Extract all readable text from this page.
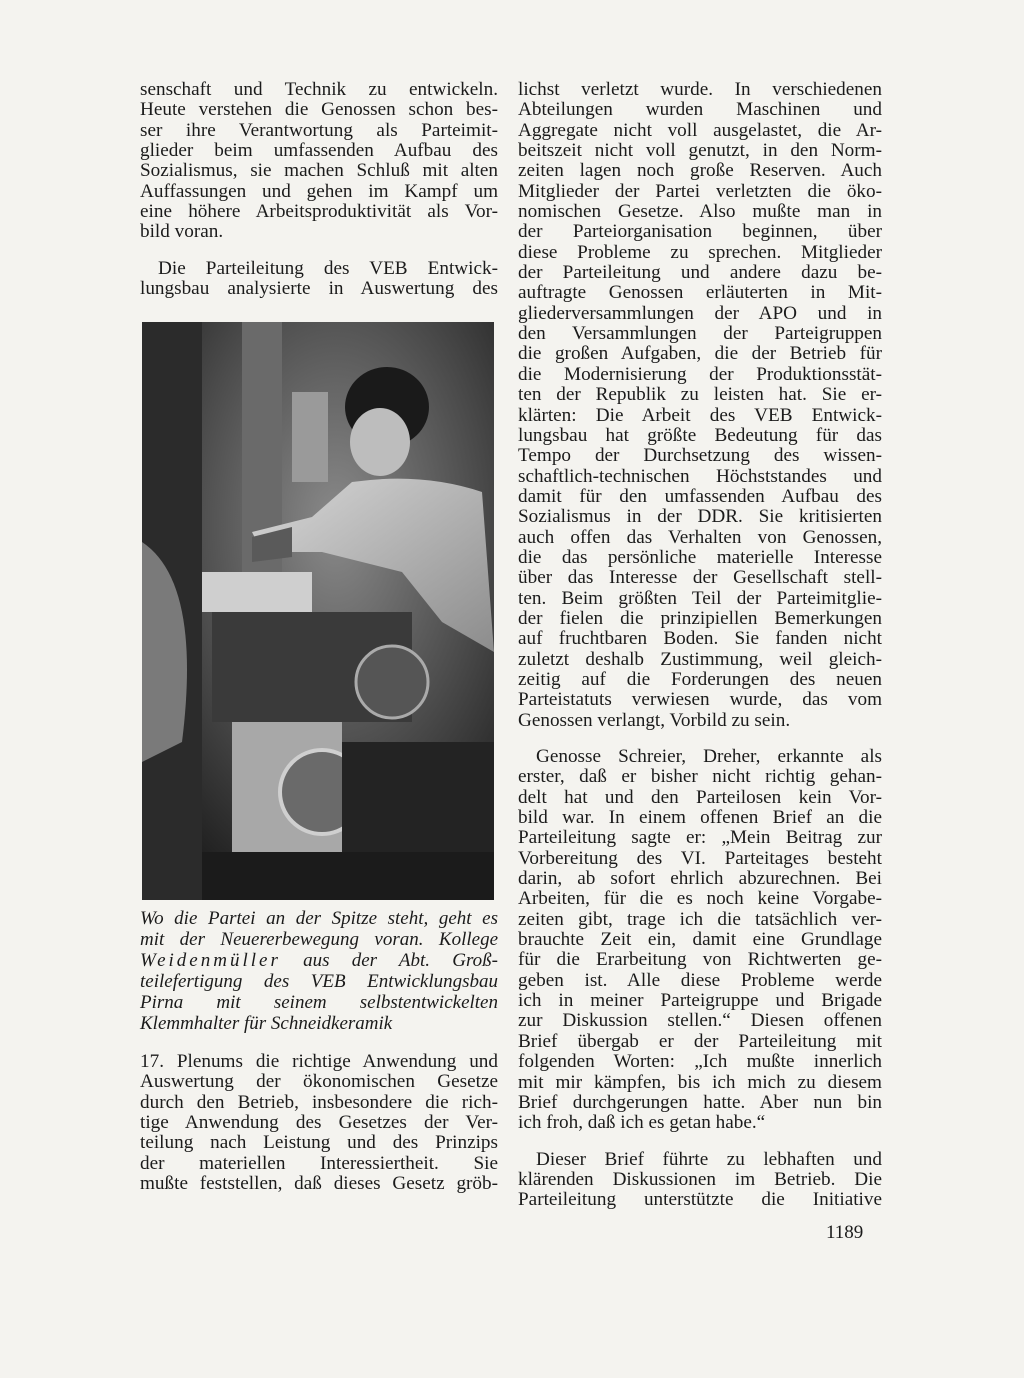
senschaft und Technik zu entwickeln.
Heute verstehen die Genossen schon bes-
ser ihre Verantwortung als Parteimit-
glieder beim umfassenden Aufbau des
Sozialismus, sie machen Schluß mit alten
Auffassungen und gehen im Kampf um
eine höhere Arbeitsproduktivität als Vor-
bild voran.

Die Parteileitung des VEB Entwick-
lungsbau analysierte in Auswertung des

Wo die Partei an der Spitze steht, geht es
mit der Neuererbewegung voran. Kollege
Weidenmüller aus der Abt. Groß-
teilefertigung des VEB Entwicklungsbau
Pirna mit seinem selbstentwickelten
Klemmhalter für Schneidkeramik

17. Plenums die richtige Anwendung und
Auswertung der ökonomischen Gesetze
durch den Betrieb, insbesondere die rich-
tige Anwendung des Gesetzes der Ver-
teilung nach Leistung und des Prinzips
der materiellen Interessiertheit. Sie
mußte feststellen, daß dieses Gesetz gröb-

lichst verletzt wurde. In verschiedenen
Abteilungen wurden Maschinen und
Aggregate nicht voll ausgelastet, die Ar-
beitszeit nicht voll genutzt, in den Norm-
zeiten lagen noch große Reserven. Auch
Mitglieder der Partei verletzten die öko-
nomischen Gesetze. Also mußte man in
der Parteiorganisation beginnen, über
diese Probleme zu sprechen. Mitglieder
der Parteileitung und andere dazu be-
auftragte Genossen erläuterten in Mit-
gliederversammlungen der APO und in
den Versammlungen der Parteigruppen
die großen Aufgaben, die der Betrieb für
die Modernisierung der Produktionsstät-
ten der Republik zu leisten hat. Sie er-
klärten: Die Arbeit des VEB Entwick-
lungsbau hat größte Bedeutung für das
Tempo der Durchsetzung des wissen-
schaftlich-technischen Höchststandes und
damit für den umfassenden Aufbau des
Sozialismus in der DDR. Sie kritisierten
auch offen das Verhalten von Genossen,
die das persönliche materielle Interesse
über das Interesse der Gesellschaft stell-
ten. Beim größten Teil der Parteimitglie-
der fielen die prinzipiellen Bemerkungen
auf fruchtbaren Boden. Sie fanden nicht
zuletzt deshalb Zustimmung, weil gleich-
zeitig auf die Forderungen des neuen
Parteistatuts verwiesen wurde, das vom
Genossen verlangt, Vorbild zu sein.

Genosse Schreier, Dreher, erkannte als
erster, daß er bisher nicht richtig gehan-
delt hat und den Parteilosen kein Vor-
bild war. In einem offenen Brief an die
Parteileitung sagte er: „Mein Beitrag zur
Vorbereitung des VI. Parteitages besteht
darin, ab sofort ehrlich abzurechnen. Bei
Arbeiten, für die es noch keine Vorgabe-
zeiten gibt, trage ich die tatsächlich ver-
brauchte Zeit ein, damit eine Grundlage
für die Erarbeitung von Richtwerten ge-
geben ist. Alle diese Probleme werde
ich in meiner Parteigruppe und Brigade
zur Diskussion stellen.“ Diesen offenen
Brief übergab er der Parteileitung mit
folgenden Worten: „Ich mußte innerlich
mit mir kämpfen, bis ich mich zu diesem
Brief durchgerungen hatte. Aber nun bin
ich froh, daß ich es getan habe.“

Dieser Brief führte zu lebhaften und
klärenden Diskussionen im Betrieb. Die
Parteileitung unterstützte die Initiative

1189
